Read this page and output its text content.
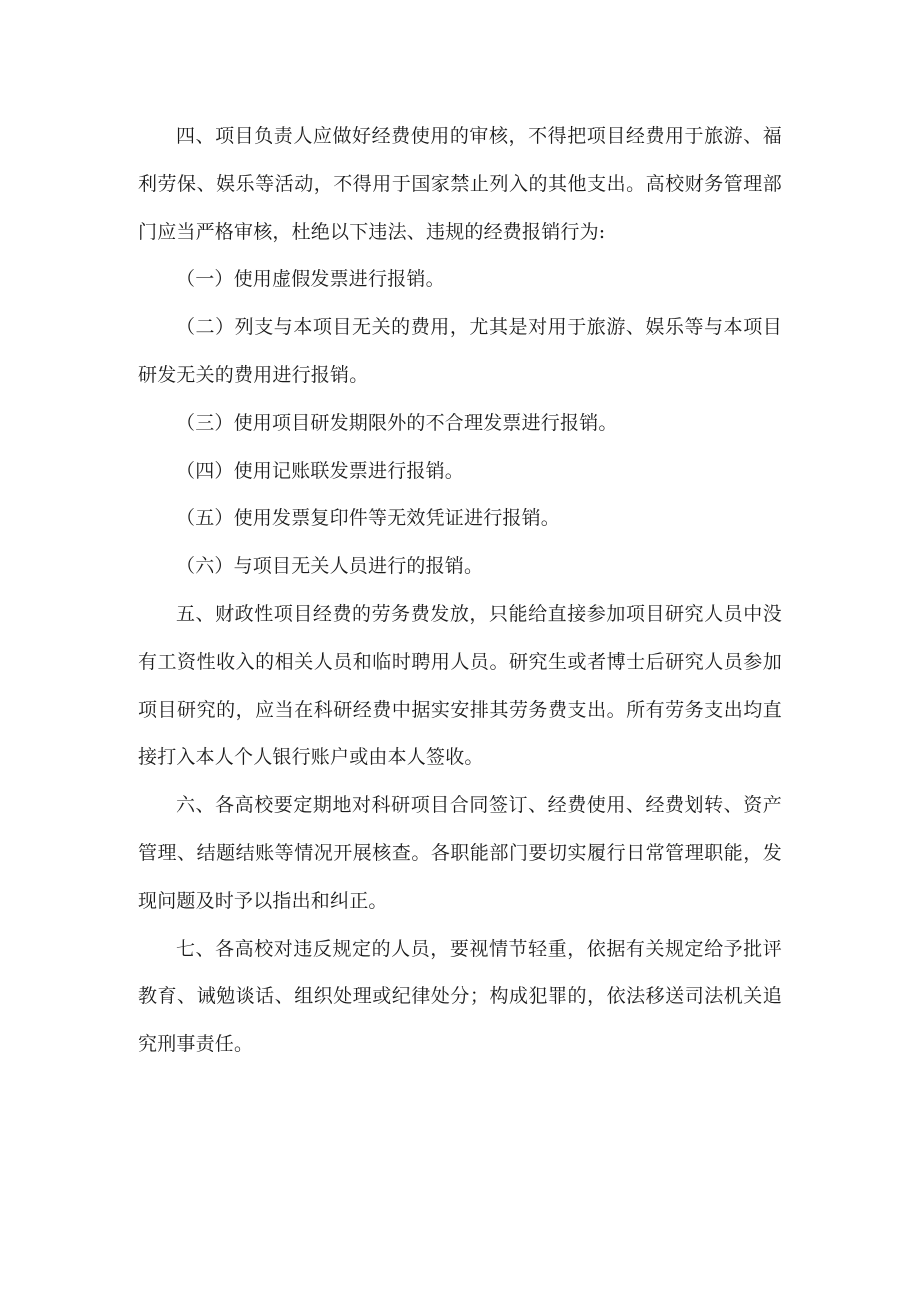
四、项目负责人应做好经费使用的审核，不得把项目经费用于旅游、福利劳保、娱乐等活动，不得用于国家禁止列入的其他支出。高校财务管理部门应当严格审核，杜绝以下违法、违规的经费报销行为:

（一）使用虚假发票进行报销。

（二）列支与本项目无关的费用，尤其是对用于旅游、娱乐等与本项目研发无关的费用进行报销。

（三）使用项目研发期限外的不合理发票进行报销。

（四）使用记账联发票进行报销。

（五）使用发票复印件等无效凭证进行报销。

（六）与项目无关人员进行的报销。

五、财政性项目经费的劳务费发放，只能给直接参加项目研究人员中没有工资性收入的相关人员和临时聘用人员。研究生或者博士后研究人员参加项目研究的，应当在科研经费中据实安排其劳务费支出。所有劳务支出均直接打入本人个人银行账户或由本人签收。

六、各高校要定期地对科研项目合同签订、经费使用、经费划转、资产管理、结题结账等情况开展核查。各职能部门要切实履行日常管理职能，发现问题及时予以指出和纠正。

七、各高校对违反规定的人员，要视情节轻重，依据有关规定给予批评教育、诫勉谈话、组织处理或纪律处分；构成犯罪的，依法移送司法机关追究刑事责任。
